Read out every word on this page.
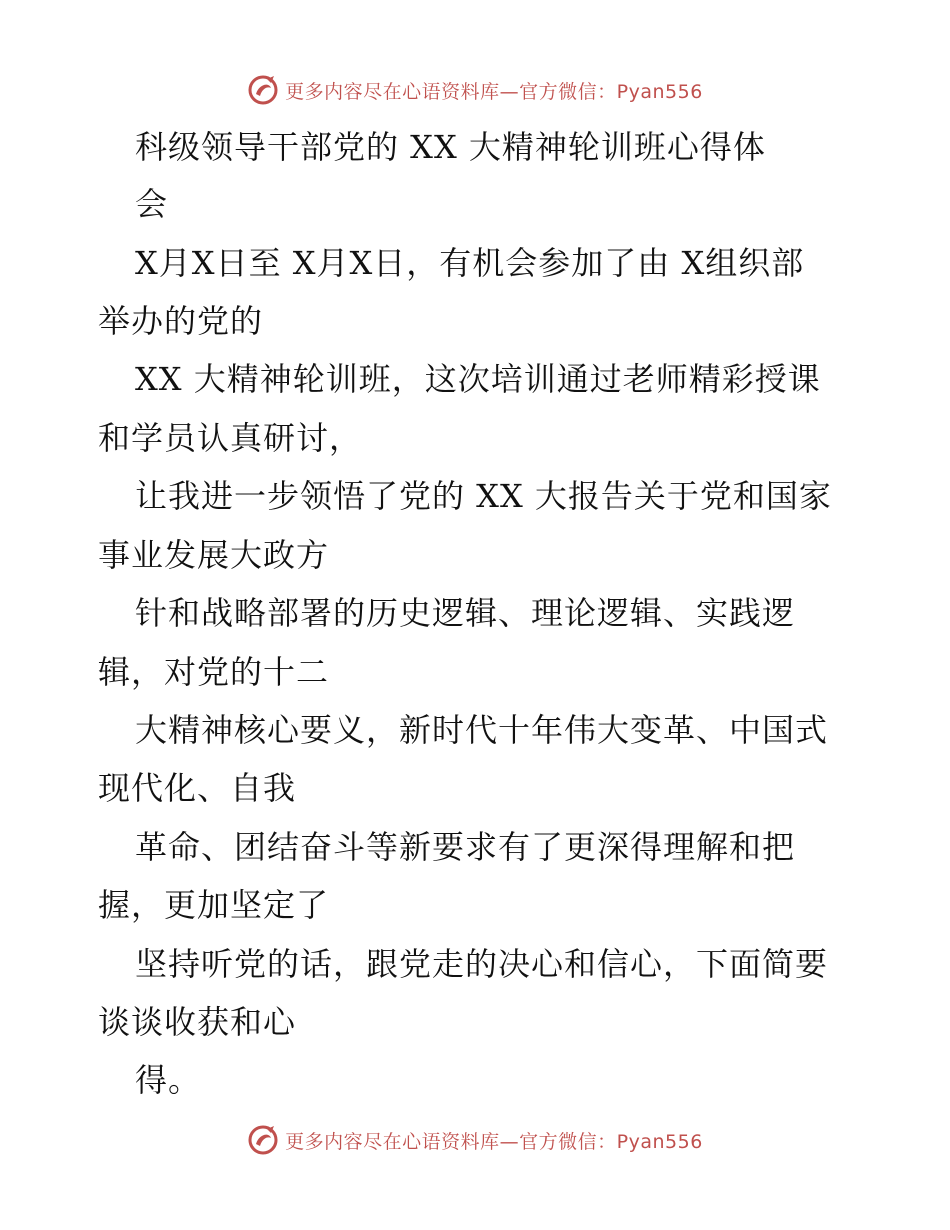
更多内容尽在心语资料库—官方微信：Pyan556
科级领导干部党的 XX 大精神轮训班心得体
会
X月X日至 X月X日，有机会参加了由 X组织部
举办的党的
XX 大精神轮训班，这次培训通过老师精彩授课
和学员认真研讨，
让我进一步领悟了党的 XX 大报告关于党和国家
事业发展大政方
针和战略部署的历史逻辑、理论逻辑、实践逻
辑，对党的十二
大精神核心要义，新时代十年伟大变革、中国式
现代化、自我
革命、团结奋斗等新要求有了更深得理解和把
握，更加坚定了
坚持听党的话，跟党走的决心和信心，下面简要
谈谈收获和心
得。
更多内容尽在心语资料库—官方微信：Pyan556
